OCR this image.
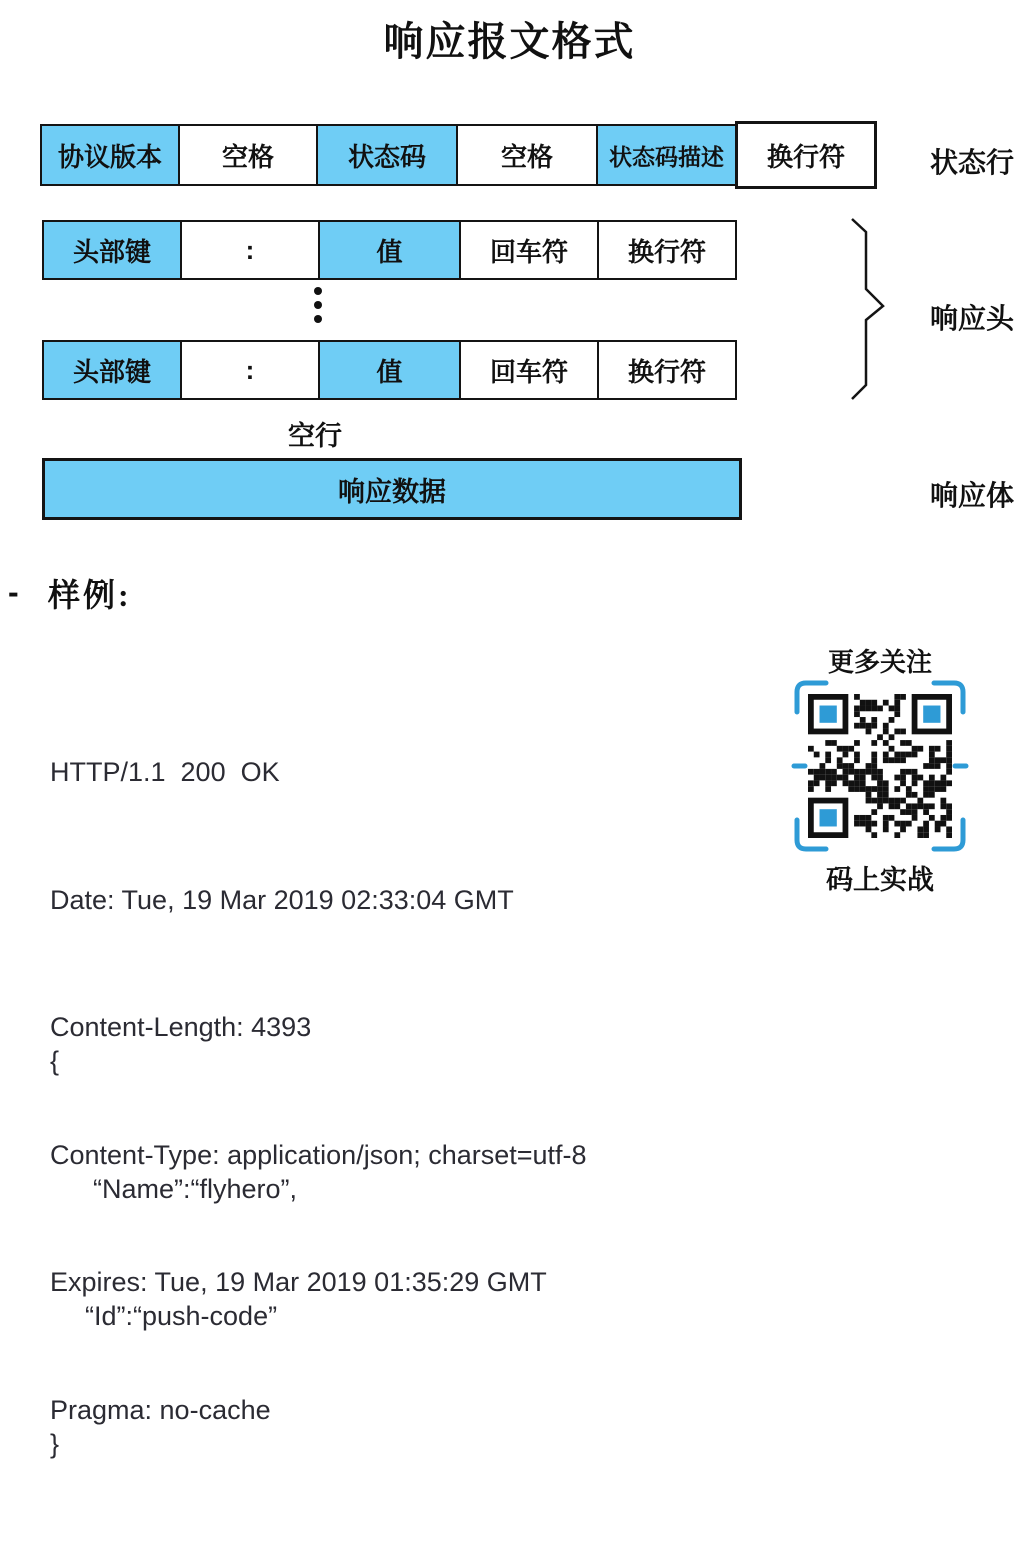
响应报文格式
协议版本	空格	状态码	空格	状态码描述	换行符	状态行
头部键	:	值	回车符	换行符
头部键	:	值	回车符	换行符
响应头
空行
响应数据	响应体
- 样例:

HTTP/1.1  200  OK

Date: Tue, 19 Mar 2019 02:33:04 GMT

Content-Length: 4393

Content-Type: application/json; charset=utf-8

Expires: Tue, 19 Mar 2019 01:35:29 GMT

Pragma: no-cache

{

“Name”:“flyhero”,

“Id”:“push-code”

}

更多关注
码上实战
